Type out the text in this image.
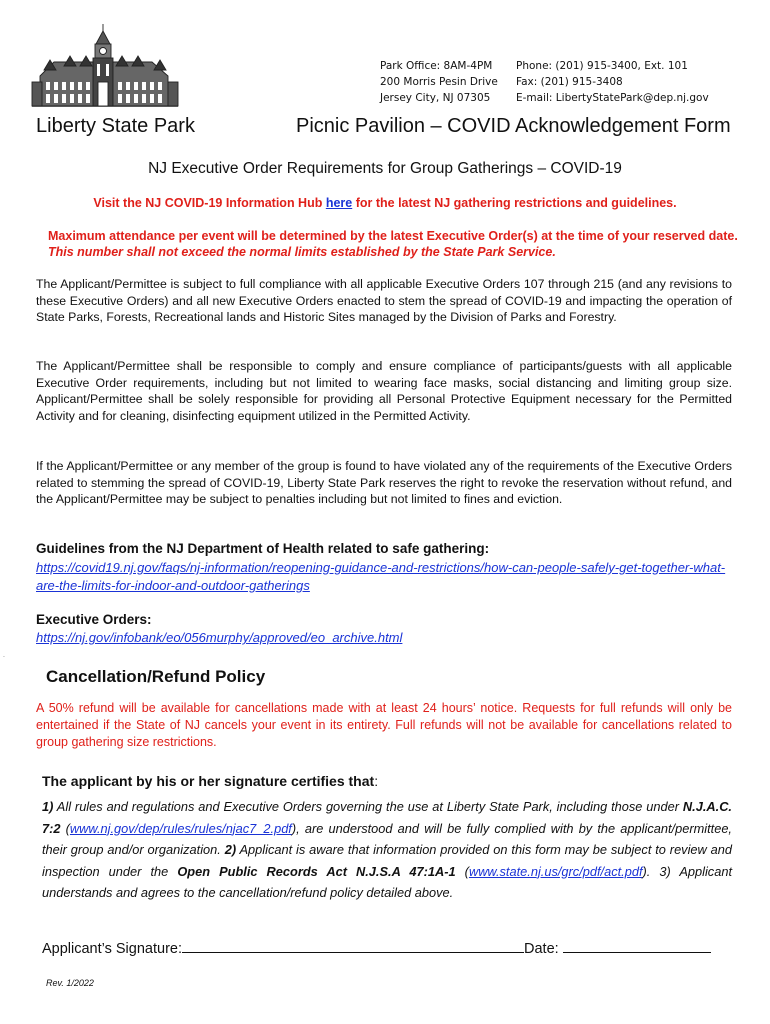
Park Office: 8AM-4PM
200 Morris Pesin Drive
Jersey City, NJ 07305
Phone: (201) 915-3400, Ext. 101
Fax: (201) 915-3408
E-mail: LibertyStatePark@dep.nj.gov
Liberty State Park	Picnic Pavilion – COVID Acknowledgement Form
NJ Executive Order Requirements for Group Gatherings – COVID-19
Visit the NJ COVID-19 Information Hub here for the latest NJ gathering restrictions and guidelines.
Maximum attendance per event will be determined by the latest Executive Order(s) at the time of your reserved date. This number shall not exceed the normal limits established by the State Park Service.
The Applicant/Permittee is subject to full compliance with all applicable Executive Orders 107 through 215 (and any revisions to these Executive Orders) and all new Executive Orders enacted to stem the spread of COVID-19 and impacting the operation of State Parks, Forests, Recreational lands and Historic Sites managed by the Division of Parks and Forestry.
The Applicant/Permittee shall be responsible to comply and ensure compliance of participants/guests with all applicable Executive Order requirements, including but not limited to wearing face masks, social distancing and limiting group size. Applicant/Permittee shall be solely responsible for providing all Personal Protective Equipment necessary for the Permitted Activity and for cleaning, disinfecting equipment utilized in the Permitted Activity.
If the Applicant/Permittee or any member of the group is found to have violated any of the requirements of the Executive Orders related to stemming the spread of COVID-19, Liberty State Park reserves the right to revoke the reservation without refund, and the Applicant/Permittee may be subject to penalties including but not limited to fines and eviction.
Guidelines from the NJ Department of Health related to safe gathering:
https://covid19.nj.gov/faqs/nj-information/reopening-guidance-and-restrictions/how-can-people-safely-get-together-what-are-the-limits-for-indoor-and-outdoor-gatherings
Executive Orders:
https://nj.gov/infobank/eo/056murphy/approved/eo_archive.html
.
Cancellation/Refund Policy
A 50% refund will be available for cancellations made with at least 24 hours’ notice. Requests for full refunds will only be entertained if the State of NJ cancels your event in its entirety. Full refunds will not be available for cancellations related to group gathering size restrictions.
The applicant by his or her signature certifies that:
1) All rules and regulations and Executive Orders governing the use at Liberty State Park, including those under N.J.A.C. 7:2 (www.nj.gov/dep/rules/rules/njac7_2.pdf), are understood and will be fully complied with by the applicant/permittee, their group and/or organization. 2) Applicant is aware that information provided on this form may be subject to review and inspection under the Open Public Records Act N.J.S.A 47:1A-1 (www.state.nj.us/grc/pdf/act.pdf). 3) Applicant understands and agrees to the cancellation/refund policy detailed above.
Applicant’s Signature:	Date:
Rev. 1/2022
